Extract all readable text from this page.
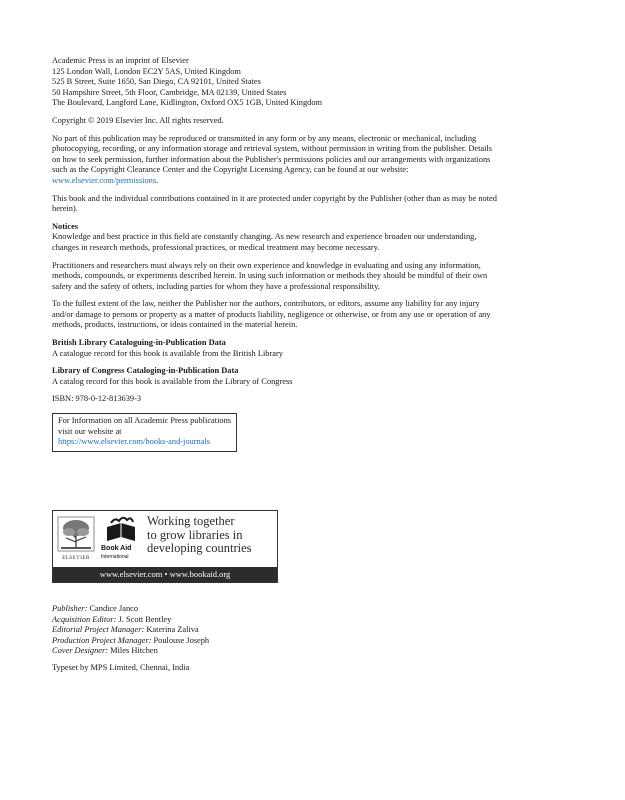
Academic Press is an imprint of Elsevier
125 London Wall, London EC2Y 5AS, United Kingdom
525 B Street, Suite 1650, San Diego, CA 92101, United States
50 Hampshire Street, 5th Floor, Cambridge, MA 02139, United States
The Boulevard, Langford Lane, Kidlington, Oxford OX5 1GB, United Kingdom

Copyright © 2019 Elsevier Inc. All rights reserved.

No part of this publication may be reproduced or transmitted in any form or by any means, electronic or mechanical, including photocopying, recording, or any information storage and retrieval system, without permission in writing from the publisher. Details on how to seek permission, further information about the Publisher's permissions policies and our arrangements with organizations such as the Copyright Clearance Center and the Copyright Licensing Agency, can be found at our website: www.elsevier.com/permissions.

This book and the individual contributions contained in it are protected under copyright by the Publisher (other than as may be noted herein).

Notices

Knowledge and best practice in this field are constantly changing. As new research and experience broaden our understanding, changes in research methods, professional practices, or medical treatment may become necessary.

Practitioners and researchers must always rely on their own experience and knowledge in evaluating and using any information, methods, compounds, or experiments described herein. In using such information or methods they should be mindful of their own safety and the safety of others, including parties for whom they have a professional responsibility.

To the fullest extent of the law, neither the Publisher nor the authors, contributors, or editors, assume any liability for any injury and/or damage to persons or property as a matter of products liability, negligence or otherwise, or from any use or operation of any methods, products, instructions, or ideas contained in the material herein.

British Library Cataloguing-in-Publication Data

A catalogue record for this book is available from the British Library

Library of Congress Cataloging-in-Publication Data

A catalog record for this book is available from the Library of Congress

ISBN: 978-0-12-813639-3

For Information on all Academic Press publications
visit our website at
https://www.elsevier.com/books-and-journals
ELSEVIER
Book Aid
International
Working together
to grow libraries in
developing countries
www.elsevier.com • www.bookaid.org
Publisher: Candice Janco
Acquisition Editor: J. Scott Bentley
Editorial Project Manager: Katerina Zaliva
Production Project Manager: Poulouse Joseph
Cover Designer: Miles Hitchen

Typeset by MPS Limited, Chennai, India
